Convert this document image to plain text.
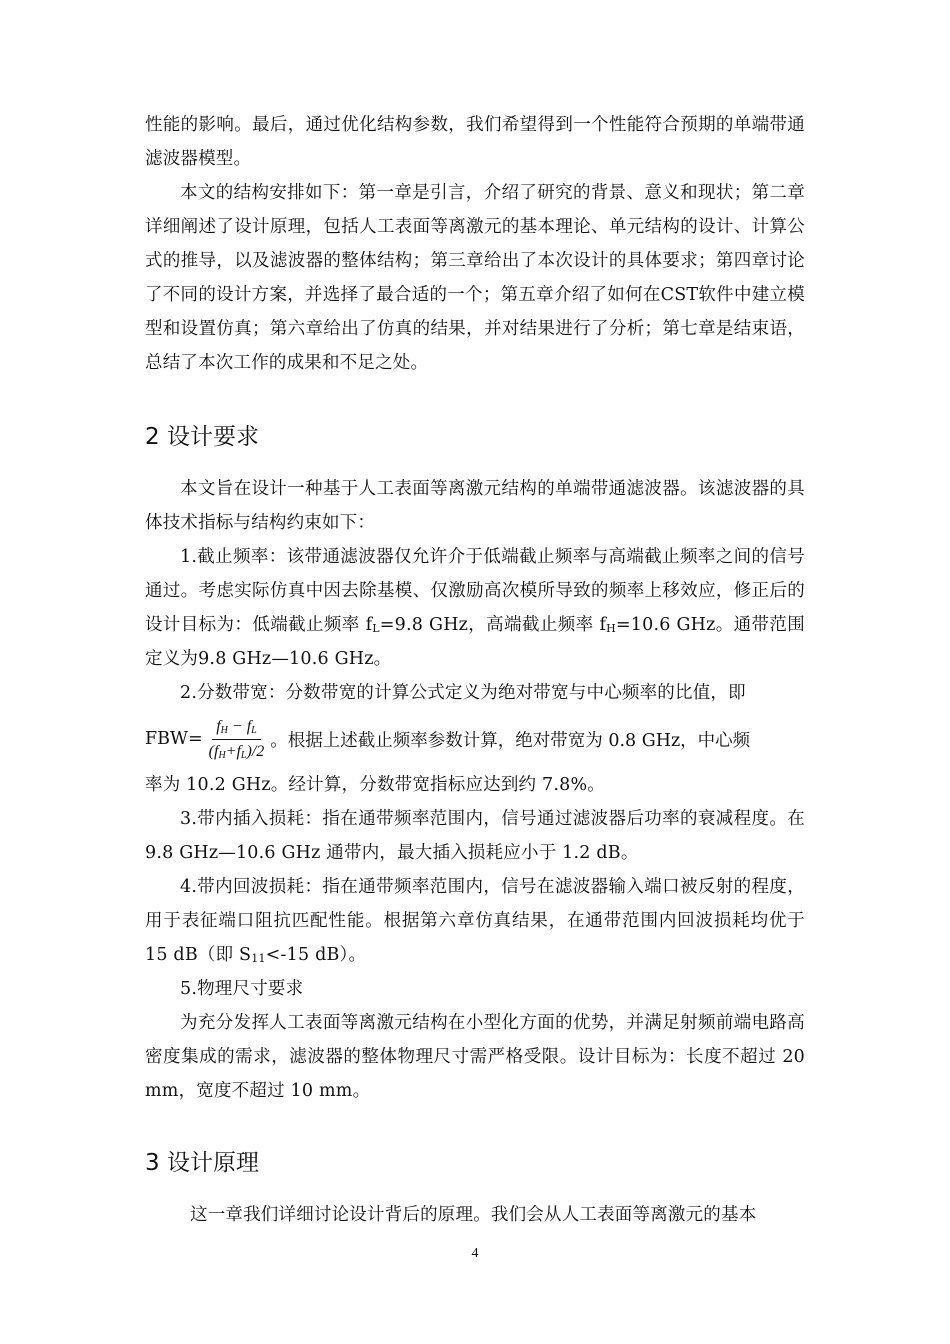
性能的影响。最后，通过优化结构参数，我们希望得到一个性能符合预期的单端带通滤波器模型。

本文的结构安排如下：第一章是引言，介绍了研究的背景、意义和现状；第二章详细阐述了设计原理，包括人工表面等离激元的基本理论、单元结构的设计、计算公式的推导，以及滤波器的整体结构；第三章给出了本次设计的具体要求；第四章讨论了不同的设计方案，并选择了最合适的一个；第五章介绍了如何在CST软件中建立模型和设置仿真；第六章给出了仿真的结果，并对结果进行了分析；第七章是结束语，总结了本次工作的成果和不足之处。

2 设计要求

本文旨在设计一种基于人工表面等离激元结构的单端带通滤波器。该滤波器的具体技术指标与结构约束如下：

1.截止频率：该带通滤波器仅允许介于低端截止频率与高端截止频率之间的信号通过。考虑实际仿真中因去除基模、仅激励高次模所导致的频率上移效应，修正后的设计目标为：低端截止频率 $f_L=9.8$ GHz，高端截止频率 $f_H=10.6$ GHz。通带范围定义为9.8 GHz—10.6 GHz。

2.分数带宽：分数带宽的计算公式定义为绝对带宽与中心频率的比值，即

$FBW= \frac{f_H - f_L}{(f_H+f_L)/2}$ 。根据上述截止频率参数计算，绝对带宽为 0.8 GHz，中心频

率为 10.2 GHz。经计算，分数带宽指标应达到约 7.8%。

3.带内插入损耗：指在通带频率范围内，信号通过滤波器后功率的衰减程度。在 9.8 GHz—10.6 GHz 通带内，最大插入损耗应小于 1.2 dB。

4.带内回波损耗：指在通带频率范围内，信号在滤波器输入端口被反射的程度，用于表征端口阻抗匹配性能。根据第六章仿真结果，在通带范围内回波损耗均优于 15 dB（即 $S_{11}<-15$ dB）。

5.物理尺寸要求

为充分发挥人工表面等离激元结构在小型化方面的优势，并满足射频前端电路高密度集成的需求，滤波器的整体物理尺寸需严格受限。设计目标为：长度不超过 20 mm，宽度不超过 10 mm。

3 设计原理

这一章我们详细讨论设计背后的原理。我们会从人工表面等离激元的基本

4
